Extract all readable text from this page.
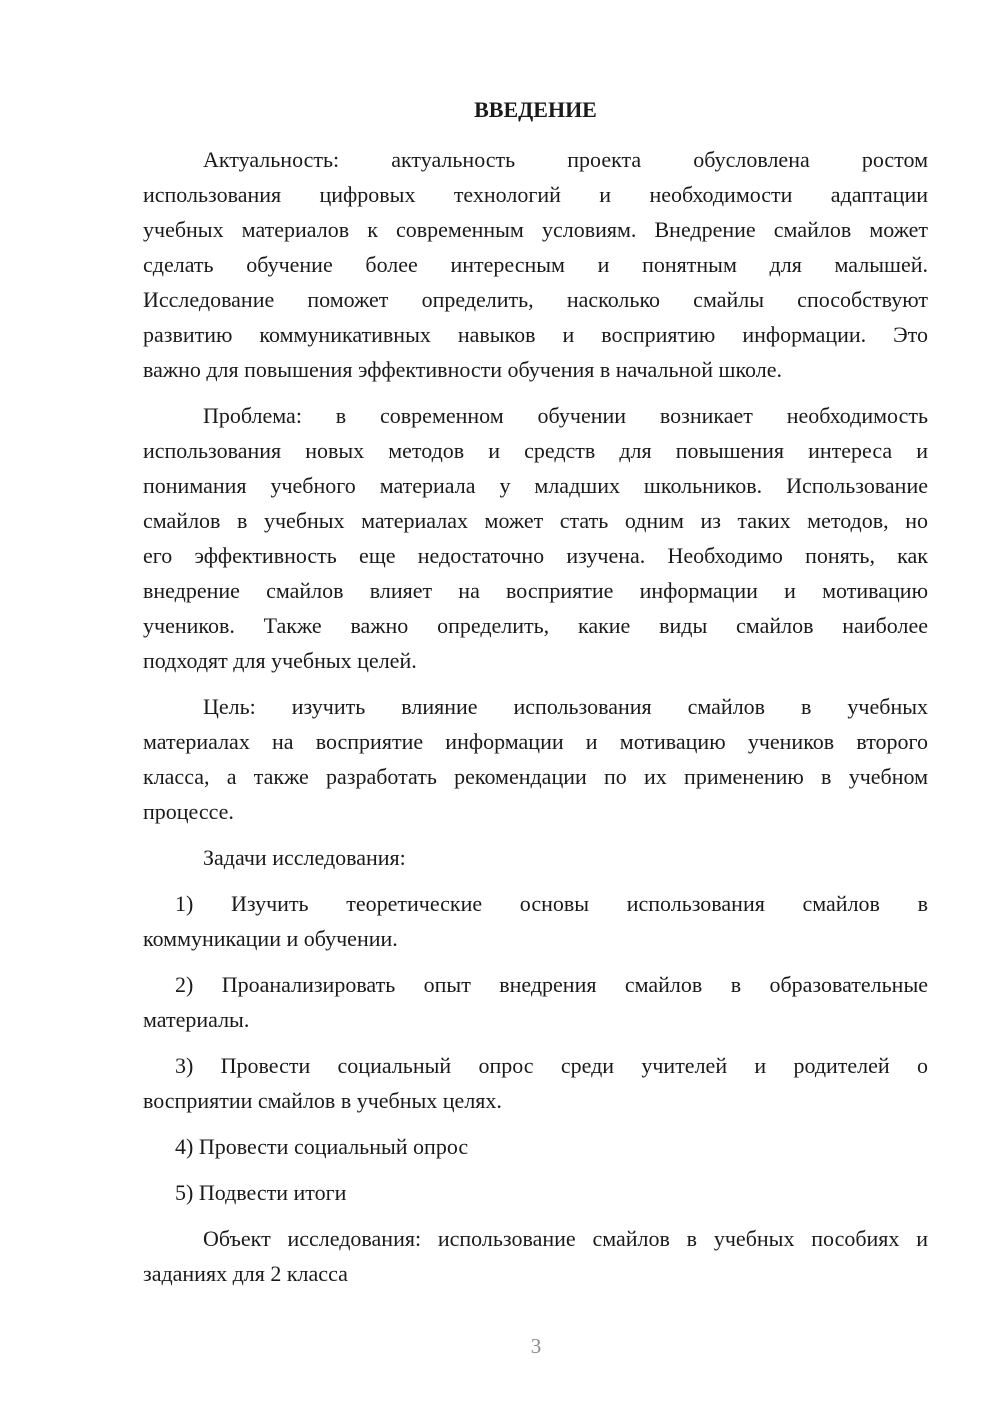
ВВЕДЕНИЕ
Актуальность: актуальность проекта обусловлена ростом
использования цифровых технологий и необходимости адаптации
учебных материалов к современным условиям. Внедрение смайлов может
сделать обучение более интересным и понятным для малышей.
Исследование поможет определить, насколько смайлы способствуют
развитию коммуникативных навыков и восприятию информации. Это
важно для повышения эффективности обучения в начальной школе.
Проблема: в современном обучении возникает необходимость
использования новых методов и средств для повышения интереса и
понимания учебного материала у младших школьников. Использование
смайлов в учебных материалах может стать одним из таких методов, но
его эффективность еще недостаточно изучена. Необходимо понять, как
внедрение смайлов влияет на восприятие информации и мотивацию
учеников. Также важно определить, какие виды смайлов наиболее
подходят для учебных целей.
Цель: изучить влияние использования смайлов в учебных
материалах на восприятие информации и мотивацию учеников второго
класса, а также разработать рекомендации по их применению в учебном
процессе.
Задачи исследования:
1) Изучить теоретические основы использования смайлов в
коммуникации и обучении.
2) Проанализировать опыт внедрения смайлов в образовательные
материалы.
3) Провести социальный опрос среди учителей и родителей о
восприятии смайлов в учебных целях.
4) Провести социальный опрос
5) Подвести итоги
Объект исследования: использование смайлов в учебных пособиях и
заданиях для 2 класса
3
